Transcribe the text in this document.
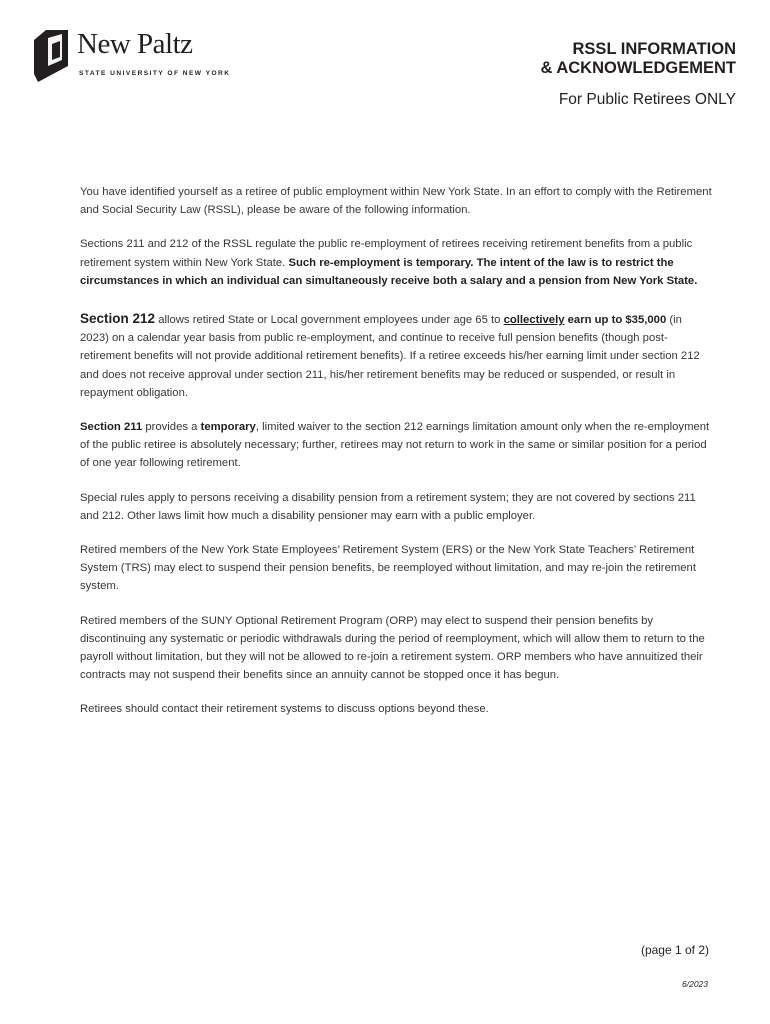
New Paltz
STATE UNIVERSITY OF NEW YORK
RSSL INFORMATION
& ACKNOWLEDGEMENT
For Public Retirees ONLY

You have identified yourself as a retiree of public employment within New York State. In an effort to comply with the Retirement and Social Security Law (RSSL), please be aware of the following information.

Sections 211 and 212 of the RSSL regulate the public re-employment of retirees receiving retirement benefits from a public retirement system within New York State. Such re-employment is temporary. The intent of the law is to restrict the circumstances in which an individual can simultaneously receive both a salary and a pension from New York State.

Section 212 allows retired State or Local government employees under age 65 to collectively earn up to $35,000 (in 2023) on a calendar year basis from public re-employment, and continue to receive full pension benefits (though post-retirement benefits will not provide additional retirement benefits). If a retiree exceeds his/her earning limit under section 212 and does not receive approval under section 211, his/her retirement benefits may be reduced or suspended, or result in repayment obligation.

Section 211 provides a temporary, limited waiver to the section 212 earnings limitation amount only when the re-employment of the public retiree is absolutely necessary; further, retirees may not return to work in the same or similar position for a period of one year following retirement.

Special rules apply to persons receiving a disability pension from a retirement system; they are not covered by sections 211 and 212. Other laws limit how much a disability pensioner may earn with a public employer.

Retired members of the New York State Employees’ Retirement System (ERS) or the New York State Teachers’ Retirement System (TRS) may elect to suspend their pension benefits, be reemployed without limitation, and may re-join the retirement system.

Retired members of the SUNY Optional Retirement Program (ORP) may elect to suspend their pension benefits by discontinuing any systematic or periodic withdrawals during the period of reemployment, which will allow them to return to the payroll without limitation, but they will not be allowed to re-join a retirement system. ORP members who have annuitized their contracts may not suspend their benefits since an annuity cannot be stopped once it has begun.

Retirees should contact their retirement systems to discuss options beyond these.

(page 1 of 2)
6/2023
